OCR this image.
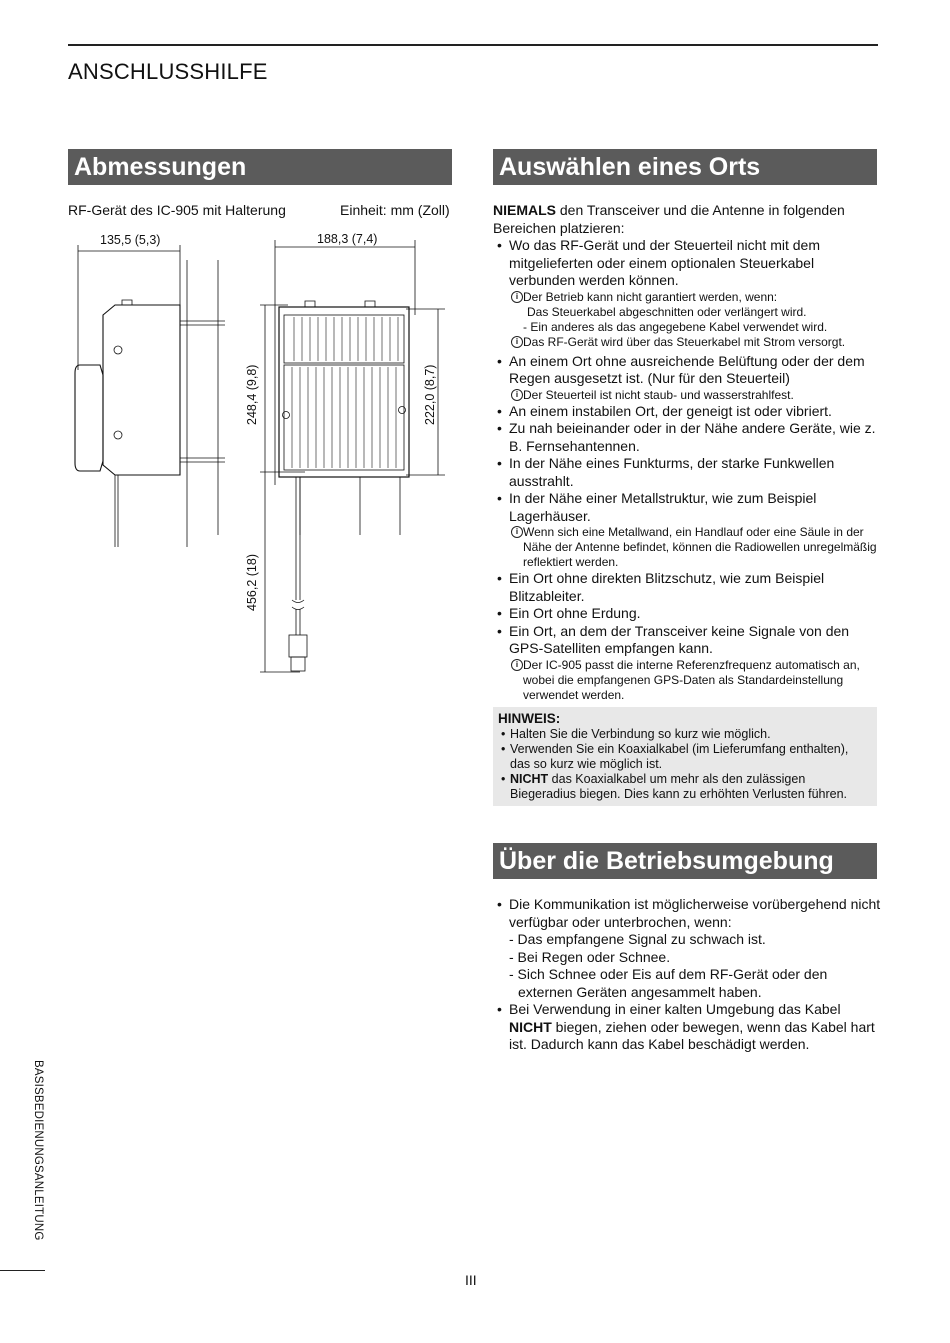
ANSCHLUSSHILFE
Abmessungen
RF-Gerät des IC-905 mit Halterung	Einheit: mm (Zoll)
135,5 (5,3)	188,3 (7,4)
248,4 (9,8)	222,0 (8,7)
456,2 (18)
Auswählen eines Orts

NIEMALS den Transceiver und die Antenne in folgenden Bereichen platzieren:

• Wo das RF-Gerät und der Steuerteil nicht mit dem mitgelieferten oder einem optionalen Steuerkabel verbunden werden können.
i Der Betrieb kann nicht garantiert werden, wenn:
Das Steuerkabel abgeschnitten oder verlängert wird.
- Ein anderes als das angegebene Kabel verwendet wird.
i Das RF-Gerät wird über das Steuerkabel mit Strom versorgt.
• An einem Ort ohne ausreichende Belüftung oder der dem Regen ausgesetzt ist. (Nur für den Steuerteil)
i Der Steuerteil ist nicht staub- und wasserstrahlfest.
• An einem instabilen Ort, der geneigt ist oder vibriert.
• Zu nah beieinander oder in der Nähe andere Geräte, wie z. B. Fernsehantennen.
• In der Nähe eines Funkturms, der starke Funkwellen ausstrahlt.
• In der Nähe einer Metallstruktur, wie zum Beispiel Lagerhäuser.
i Wenn sich eine Metallwand, ein Handlauf oder eine Säule in der Nähe der Antenne befindet, können die Radiowellen unregelmäßig reflektiert werden.
• Ein Ort ohne direkten Blitzschutz, wie zum Beispiel Blitzableiter.
• Ein Ort ohne Erdung.
• Ein Ort, an dem der Transceiver keine Signale von den GPS-Satelliten empfangen kann.
i Der IC-905 passt die interne Referenzfrequenz automatisch an, wobei die empfangenen GPS-Daten als Standardeinstellung verwendet werden.
HINWEIS:
• Halten Sie die Verbindung so kurz wie möglich.
• Verwenden Sie ein Koaxialkabel (im Lieferumfang enthalten), das so kurz wie möglich ist.
• NICHT das Koaxialkabel um mehr als den zulässigen Biegeradius biegen. Dies kann zu erhöhten Verlusten führen.
Über die Betriebsumgebung
• Die Kommunikation ist möglicherweise vorübergehend nicht verfügbar oder unterbrochen, wenn:
- Das empfangene Signal zu schwach ist.
- Bei Regen oder Schnee.
- Sich Schnee oder Eis auf dem RF-Gerät oder den
externen Geräten angesammelt haben.
• Bei Verwendung in einer kalten Umgebung das Kabel NICHT biegen, ziehen oder bewegen, wenn das Kabel hart ist. Dadurch kann das Kabel beschädigt werden.
BASISBEDIENUNGSANLEITUNG
III
